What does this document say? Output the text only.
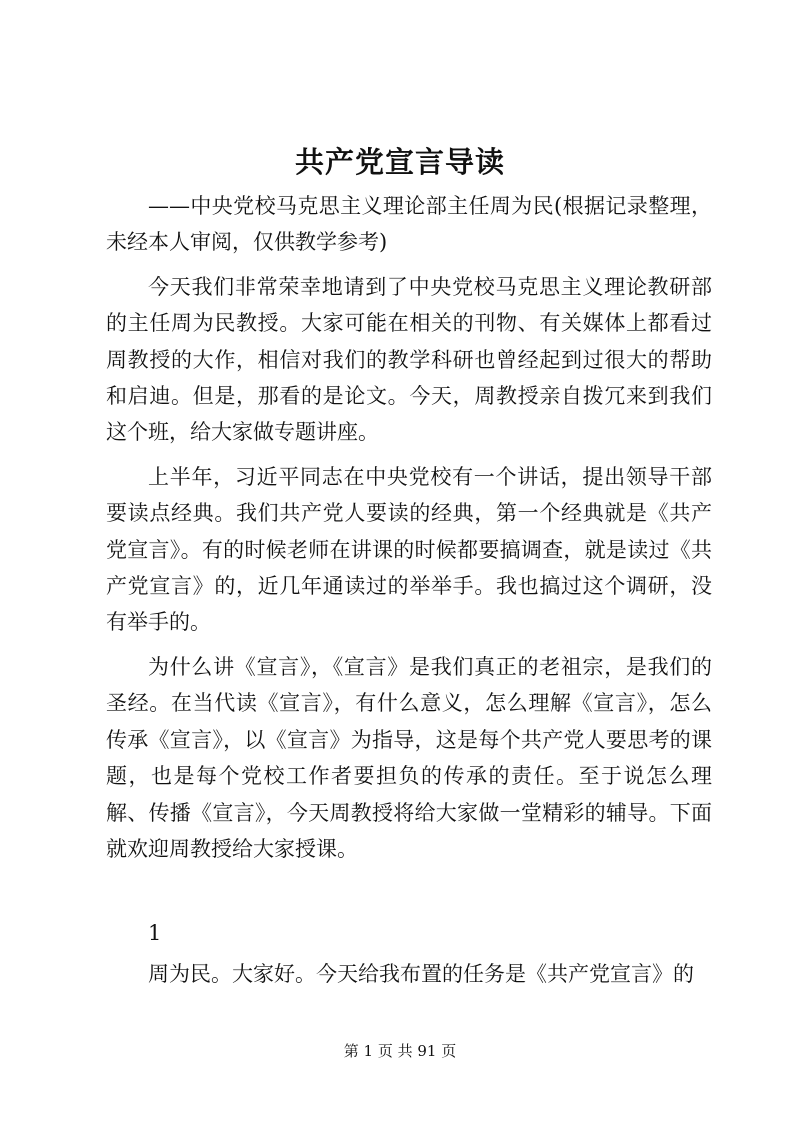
共产党宣言导读

——中央党校马克思主义理论部主任周为民(根据记录整理，未经本人审阅，仅供教学参考)

今天我们非常荣幸地请到了中央党校马克思主义理论教研部的主任周为民教授。大家可能在相关的刊物、有关媒体上都看过周教授的大作，相信对我们的教学科研也曾经起到过很大的帮助和启迪。但是，那看的是论文。今天，周教授亲自拨冗来到我们这个班，给大家做专题讲座。

上半年，习近平同志在中央党校有一个讲话，提出领导干部要读点经典。我们共产党人要读的经典，第一个经典就是《共产党宣言》。有的时候老师在讲课的时候都要搞调查，就是读过《共产党宣言》的，近几年通读过的举举手。我也搞过这个调研，没有举手的。

为什么讲《宣言》，《宣言》是我们真正的老祖宗，是我们的圣经。在当代读《宣言》，有什么意义，怎么理解《宣言》，怎么传承《宣言》，以《宣言》为指导，这是每个共产党人要思考的课题，也是每个党校工作者要担负的传承的责任。至于说怎么理解、传播《宣言》，今天周教授将给大家做一堂精彩的辅导。下面就欢迎周教授给大家授课。

1

周为民。大家好。今天给我布置的任务是《共产党宣言》的

第 1 页 共 91 页
